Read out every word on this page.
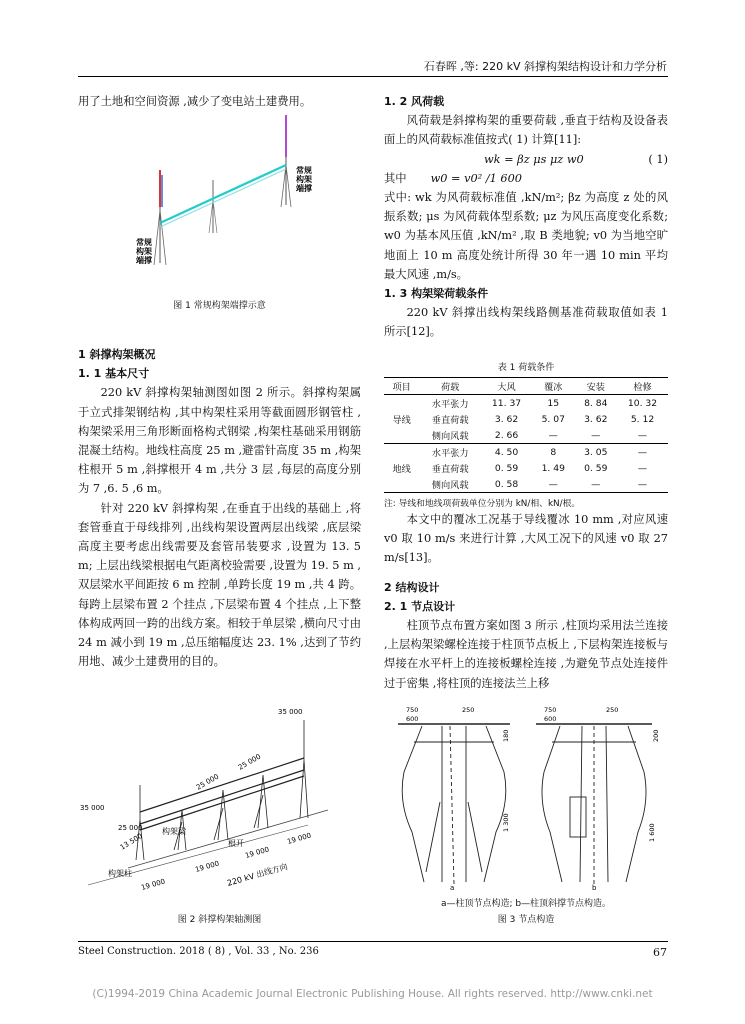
石春晖 ,等: 220 kV 斜撑构架结构设计和力学分析

用了土地和空间资源 ,减少了变电站土建费用。

常规构架端撑
常规构架端撑
图 1 常规构架端撑示意
1 斜撑构架概况
1. 1 基本尺寸

220 kV 斜撑构架轴测图如图 2 所示。斜撑构架属于立式排架钢结构 ,其中构架柱采用等截面圆形钢管柱 ,构架梁采用三角形断面格构式钢梁 ,构架柱基础采用钢筋混凝土结构。地线柱高度 25 m ,避雷针高度 35 m ,构架柱根开 5 m ,斜撑根开 4 m ,共分 3 层 ,每层的高度分别为 7 ,6. 5 ,6 m。

针对 220 kV 斜撑构架 ,在垂直于出线的基础上 ,将套管垂直于母线排列 ,出线构架设置两层出线梁 ,底层梁高度主要考虑出线需要及套管吊装要求 ,设置为 13. 5 m; 上层出线梁根据电气距离校验需要 ,设置为 19. 5 m ,双层梁水平间距按 6 m 控制 ,单跨长度 19 m ,共 4 跨。每跨上层梁布置 2 个挂点 ,下层梁布置 4 个挂点 ,上下整体构成两回一跨的出线方案。相较于单层梁 ,横向尺寸由 24 m 减小到 19 m ,总压缩幅度达 23. 1% ,达到了节约用地、减少土建费用的目的。

35 000
25 000
13 500
25 000
25 000
35 000
19 000
19 000
19 000
19 000
构架梁
构架柱
根开
220 kV 出线方向
图 2 斜撑构架轴测图
1. 2 风荷载

风荷载是斜撑构架的重要荷载 ,垂直于结构及设备表面上的风荷载标准值按式( 1) 计算[11]:

wk = βz μs μz w0	( 1)
其中 w0 = v0² /1 600

式中: wk 为风荷载标准值 ,kN/m²; βz 为高度 z 处的风振系数; μs 为风荷载体型系数; μz 为风压高度变化系数; w0 为基本风压值 ,kN/m² ,取 B 类地貌; v0 为当地空旷地面上 10 m 高度处统计所得 30 年一遇 10 min 平均最大风速 ,m/s。

1. 3 构架梁荷载条件

220 kV 斜撑出线构架线路侧基准荷载取值如表 1 所示[12]。

表 1 荷载条件
项目	荷载	大风	覆冰	安装	检修
导线	水平张力	11. 37	15	8. 84	10. 32
	垂直荷载	3. 62	5. 07	3. 62	5. 12
	侧向风载	2. 66	—	—	—
地线	水平张力	4. 50	8	3. 05	—
	垂直荷载	0. 59	1. 49	0. 59	—
	侧向风载	0. 58	—	—	—
注: 导线和地线项荷载单位分别为 kN/相、kN/根。

本文中的覆冰工况基于导线覆冰 10 mm ,对应风速 v0 取 10 m/s 来进行计算 ,大风工况下的风速 v0 取 27 m/s[13]。

2 结构设计
2. 1 节点设计

柱顶节点布置方案如图 3 所示 ,柱顶均采用法兰连接 ,上层构架梁螺栓连接于柱顶节点板上 ,下层构架连接板与焊接在水平杆上的连接板螺栓连接 ,为避免节点处连接件过于密集 ,将柱顶的连接法兰上移

750	250
600
180
1 300
a
750	250
600
200
1 600
b
a—柱顶节点构造; b—柱顶斜撑节点构造。
图 3 节点构造
Steel Construction. 2018 ( 8) , Vol. 33 , No. 236	67
(C)1994-2019 China Academic Journal Electronic Publishing House. All rights reserved. http://www.cnki.net
